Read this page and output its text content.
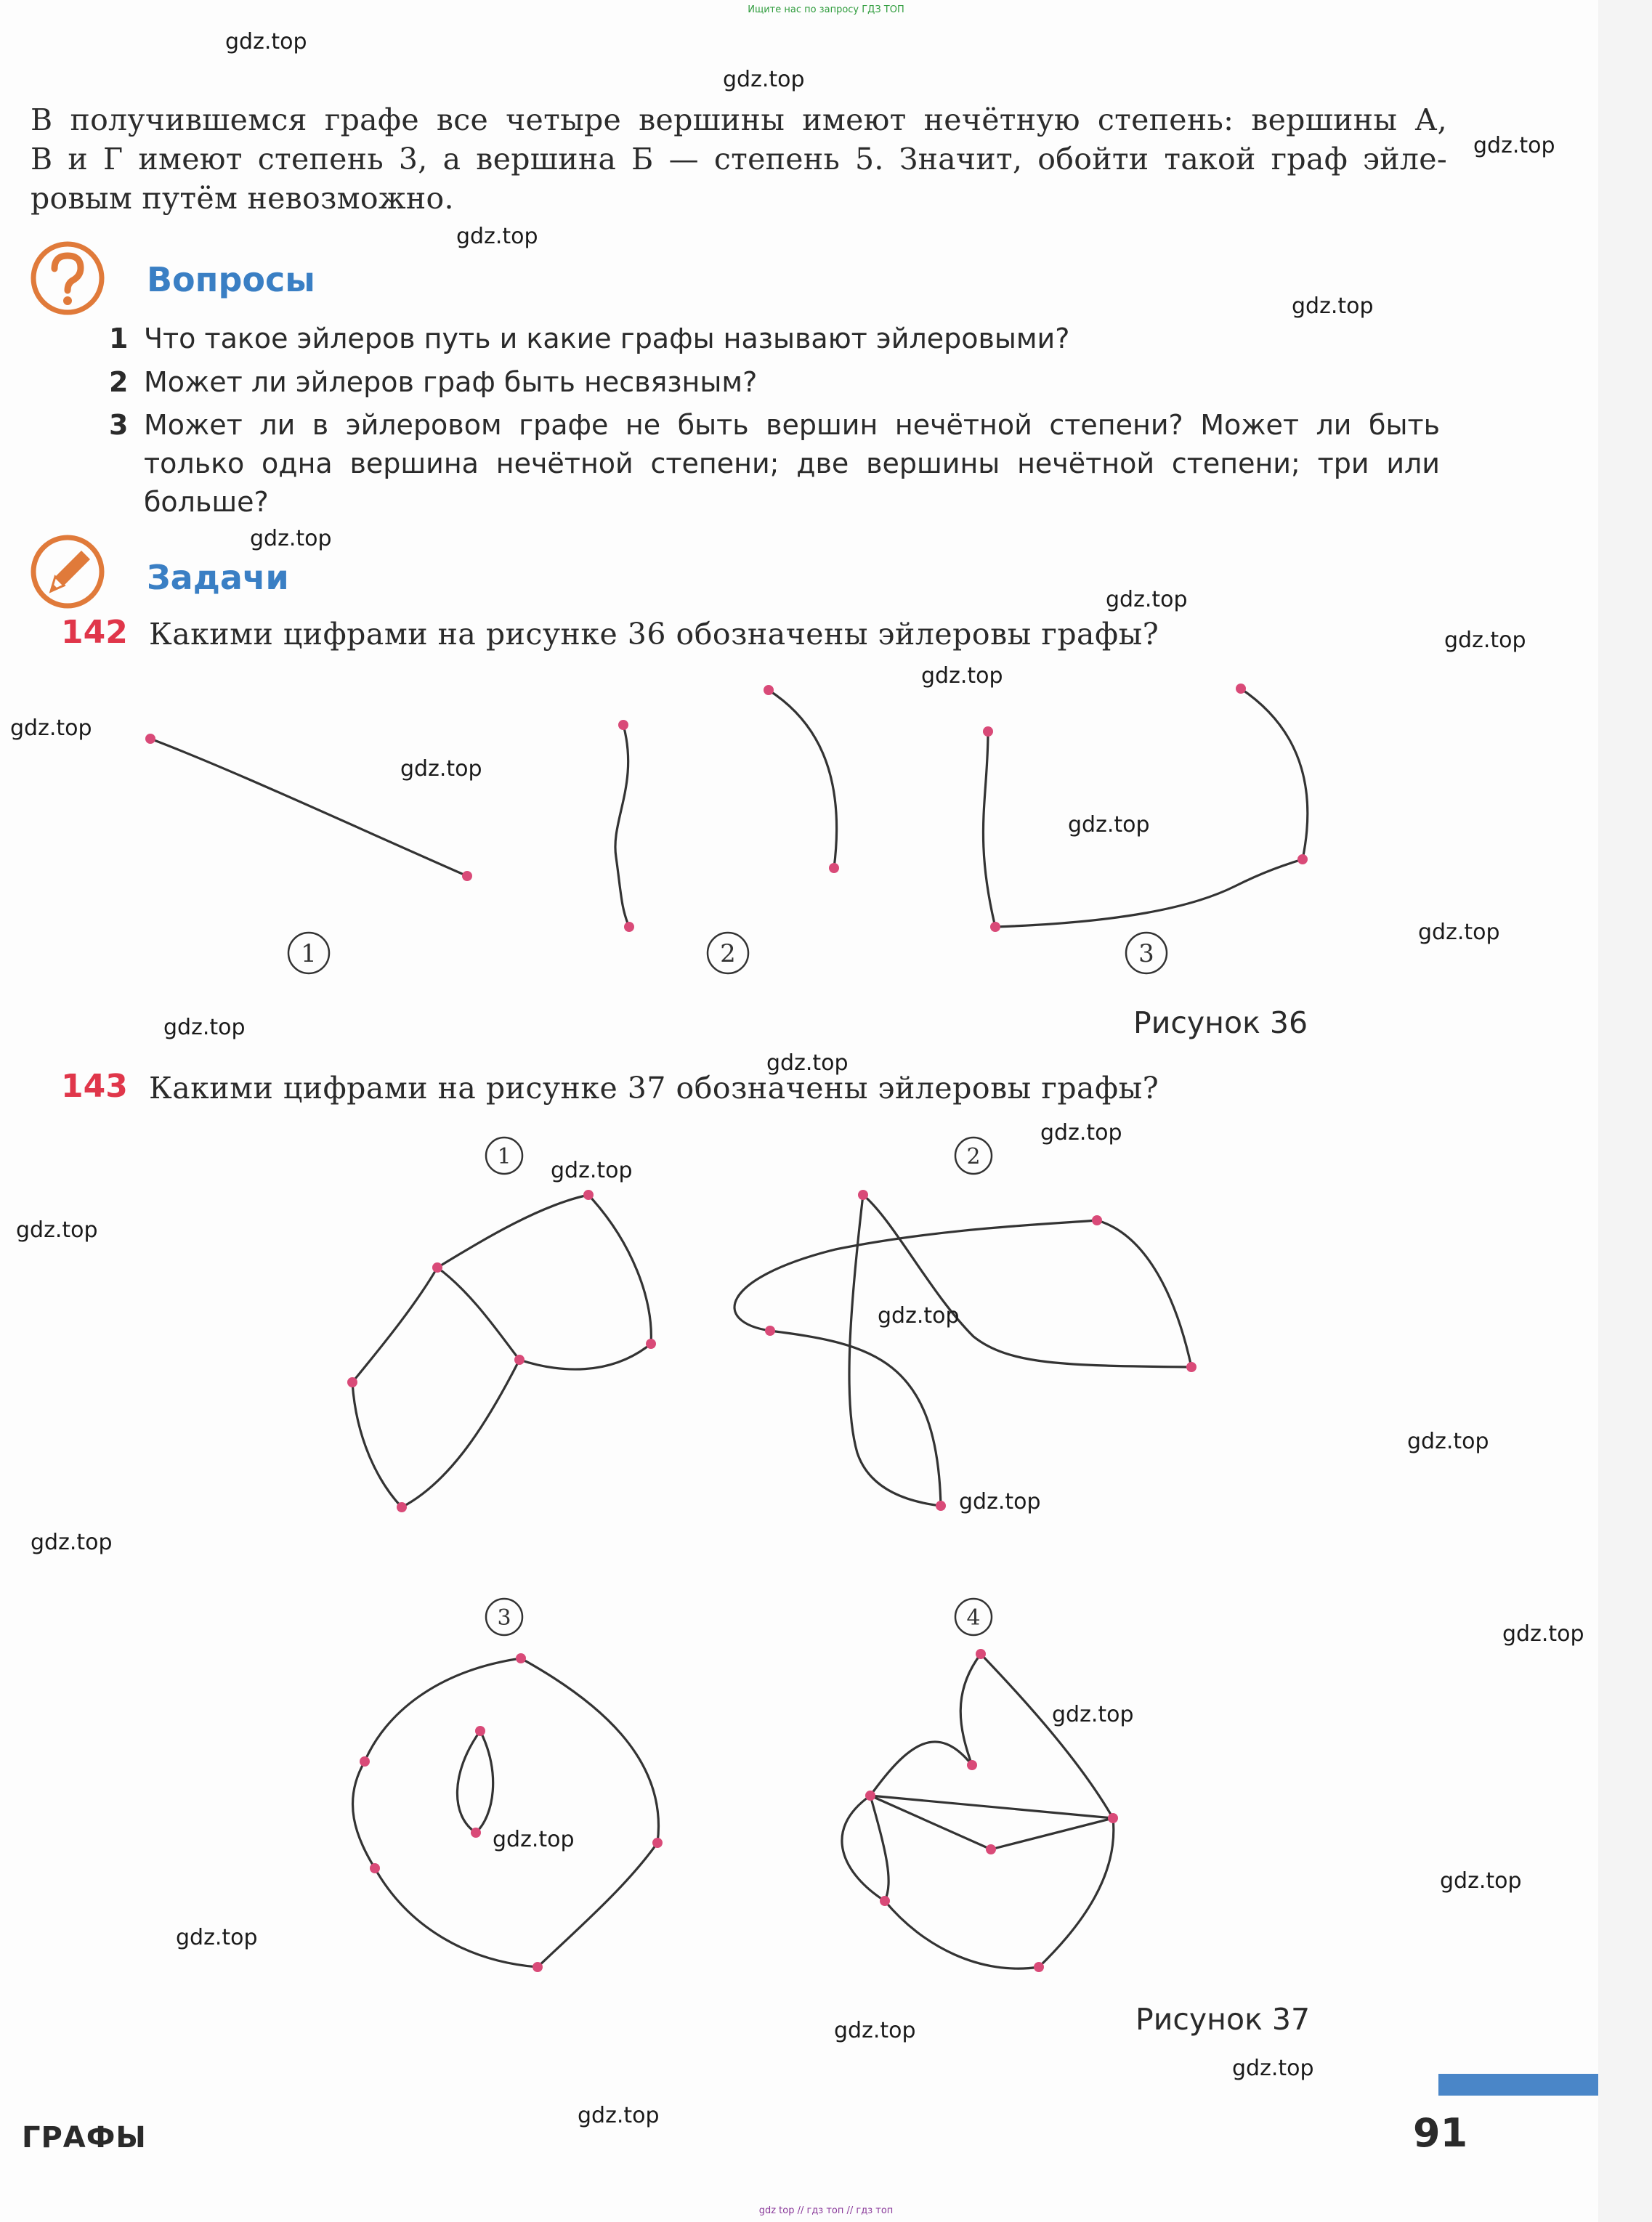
Ищите нас по запросу ГДЗ ТОП
В получившемся графе все четыре вершины имеют нечётную степень: вершины А,
В и Г имеют степень 3, а вершина Б — степень 5. Значит, обойти такой граф эйле-
ровым путём невозможно.
Вопросы
1 Что такое эйлеров путь и какие графы называют эйлеровыми?
2 Может ли эйлеров граф быть несвязным?
3 Может ли в эйлеровом графе не быть вершин нечётной степени? Может ли быть только одна вершина нечётной степени; две вершины нечётной степени; три или больше?
Задачи
142 Какими цифрами на рисунке 36 обозначены эйлеровы графы?
1	2	3
1	2
3	4
Рисунок 36
143 Какими цифрами на рисунке 37 обозначены эйлеровы графы?
Рисунок 37
ГРАФЫ	91
gdz top // гдз топ // гдз топ
gdz.top
gdz.top
gdz.top
gdz.top
gdz.top
gdz.top
gdz.top
gdz.top
gdz.top
gdz.top
gdz.top
gdz.top
gdz.top
gdz.top
gdz.top
gdz.top
gdz.top
gdz.top
gdz.top
gdz.top
gdz.top
gdz.top
gdz.top
gdz.top
gdz.top
gdz.top
gdz.top
gdz.top
gdz.top
gdz.top
